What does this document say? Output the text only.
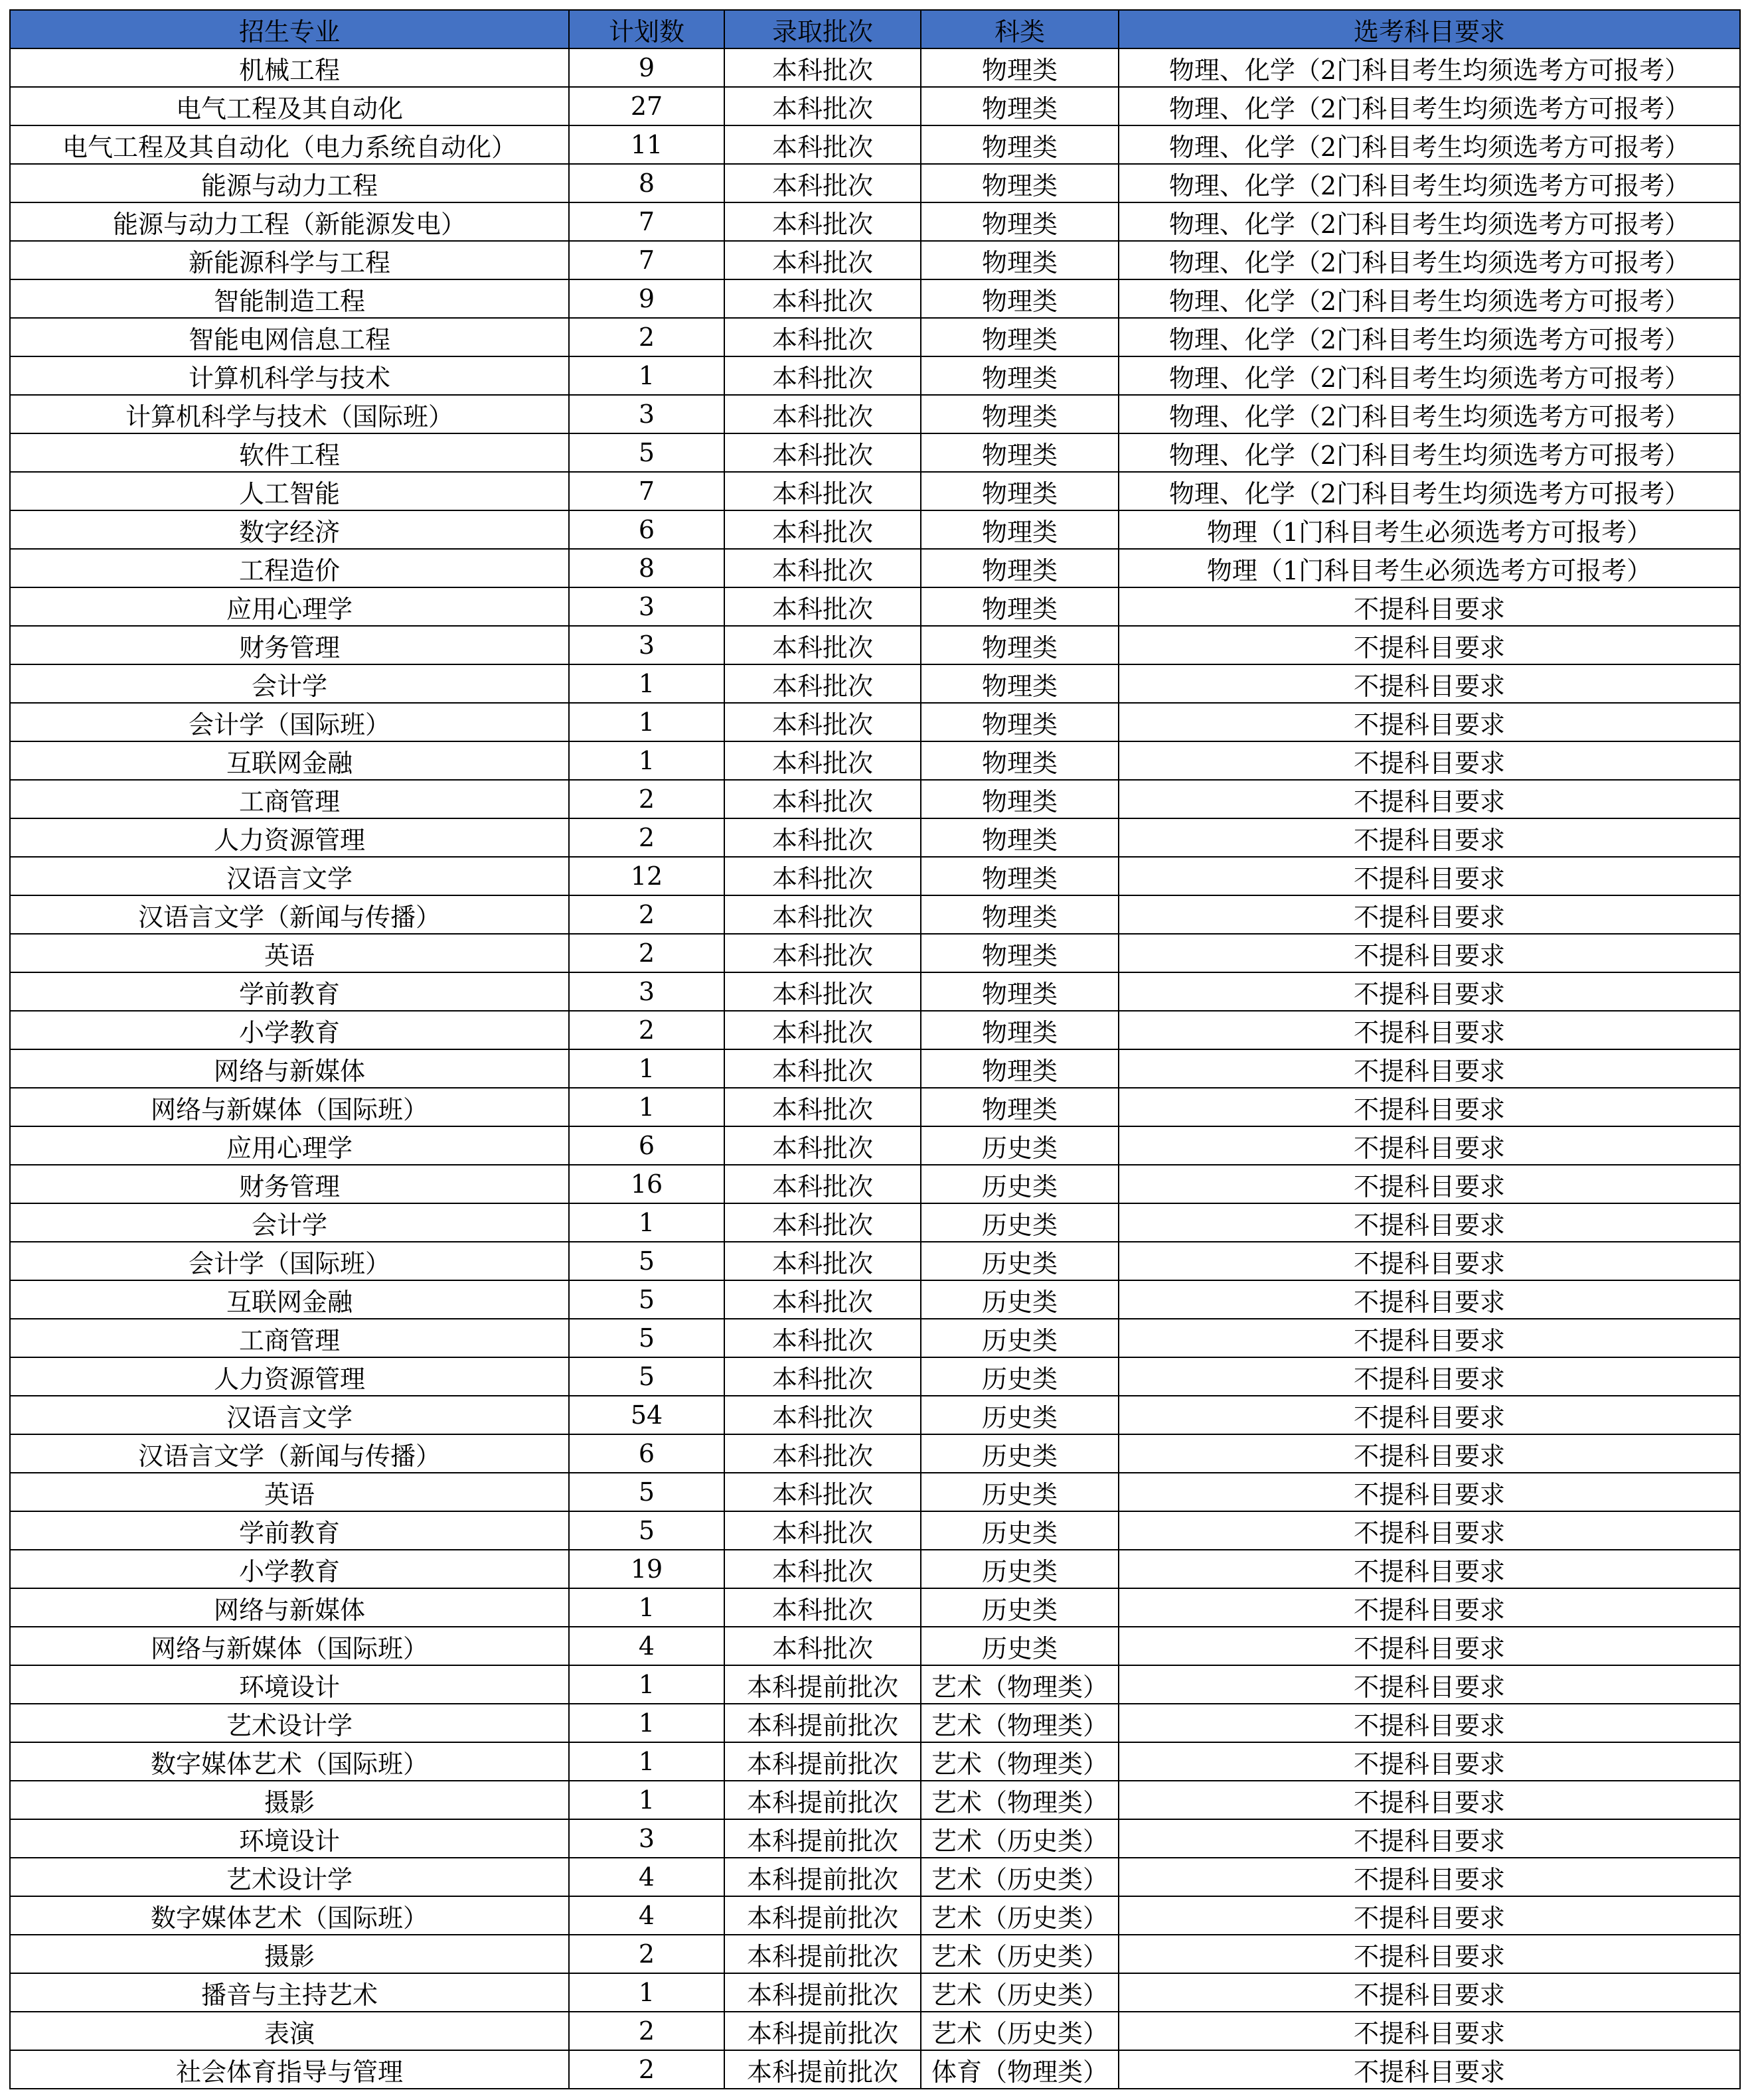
招生专业	计划数	录取批次	科类	选考科目要求
机械工程	9	本科批次	物理类	物理、化学（2门科目考生均须选考方可报考）
电气工程及其自动化	27	本科批次	物理类	物理、化学（2门科目考生均须选考方可报考）
电气工程及其自动化（电力系统自动化）	11	本科批次	物理类	物理、化学（2门科目考生均须选考方可报考）
能源与动力工程	8	本科批次	物理类	物理、化学（2门科目考生均须选考方可报考）
能源与动力工程（新能源发电）	7	本科批次	物理类	物理、化学（2门科目考生均须选考方可报考）
新能源科学与工程	7	本科批次	物理类	物理、化学（2门科目考生均须选考方可报考）
智能制造工程	9	本科批次	物理类	物理、化学（2门科目考生均须选考方可报考）
智能电网信息工程	2	本科批次	物理类	物理、化学（2门科目考生均须选考方可报考）
计算机科学与技术	1	本科批次	物理类	物理、化学（2门科目考生均须选考方可报考）
计算机科学与技术（国际班）	3	本科批次	物理类	物理、化学（2门科目考生均须选考方可报考）
软件工程	5	本科批次	物理类	物理、化学（2门科目考生均须选考方可报考）
人工智能	7	本科批次	物理类	物理、化学（2门科目考生均须选考方可报考）
数字经济	6	本科批次	物理类	物理（1门科目考生必须选考方可报考）
工程造价	8	本科批次	物理类	物理（1门科目考生必须选考方可报考）
应用心理学	3	本科批次	物理类	不提科目要求
财务管理	3	本科批次	物理类	不提科目要求
会计学	1	本科批次	物理类	不提科目要求
会计学（国际班）	1	本科批次	物理类	不提科目要求
互联网金融	1	本科批次	物理类	不提科目要求
工商管理	2	本科批次	物理类	不提科目要求
人力资源管理	2	本科批次	物理类	不提科目要求
汉语言文学	12	本科批次	物理类	不提科目要求
汉语言文学（新闻与传播）	2	本科批次	物理类	不提科目要求
英语	2	本科批次	物理类	不提科目要求
学前教育	3	本科批次	物理类	不提科目要求
小学教育	2	本科批次	物理类	不提科目要求
网络与新媒体	1	本科批次	物理类	不提科目要求
网络与新媒体（国际班）	1	本科批次	物理类	不提科目要求
应用心理学	6	本科批次	历史类	不提科目要求
财务管理	16	本科批次	历史类	不提科目要求
会计学	1	本科批次	历史类	不提科目要求
会计学（国际班）	5	本科批次	历史类	不提科目要求
互联网金融	5	本科批次	历史类	不提科目要求
工商管理	5	本科批次	历史类	不提科目要求
人力资源管理	5	本科批次	历史类	不提科目要求
汉语言文学	54	本科批次	历史类	不提科目要求
汉语言文学（新闻与传播）	6	本科批次	历史类	不提科目要求
英语	5	本科批次	历史类	不提科目要求
学前教育	5	本科批次	历史类	不提科目要求
小学教育	19	本科批次	历史类	不提科目要求
网络与新媒体	1	本科批次	历史类	不提科目要求
网络与新媒体（国际班）	4	本科批次	历史类	不提科目要求
环境设计	1	本科提前批次	艺术（物理类）	不提科目要求
艺术设计学	1	本科提前批次	艺术（物理类）	不提科目要求
数字媒体艺术（国际班）	1	本科提前批次	艺术（物理类）	不提科目要求
摄影	1	本科提前批次	艺术（物理类）	不提科目要求
环境设计	3	本科提前批次	艺术（历史类）	不提科目要求
艺术设计学	4	本科提前批次	艺术（历史类）	不提科目要求
数字媒体艺术（国际班）	4	本科提前批次	艺术（历史类）	不提科目要求
摄影	2	本科提前批次	艺术（历史类）	不提科目要求
播音与主持艺术	1	本科提前批次	艺术（历史类）	不提科目要求
表演	2	本科提前批次	艺术（历史类）	不提科目要求
社会体育指导与管理	2	本科提前批次	体育（物理类）	不提科目要求
